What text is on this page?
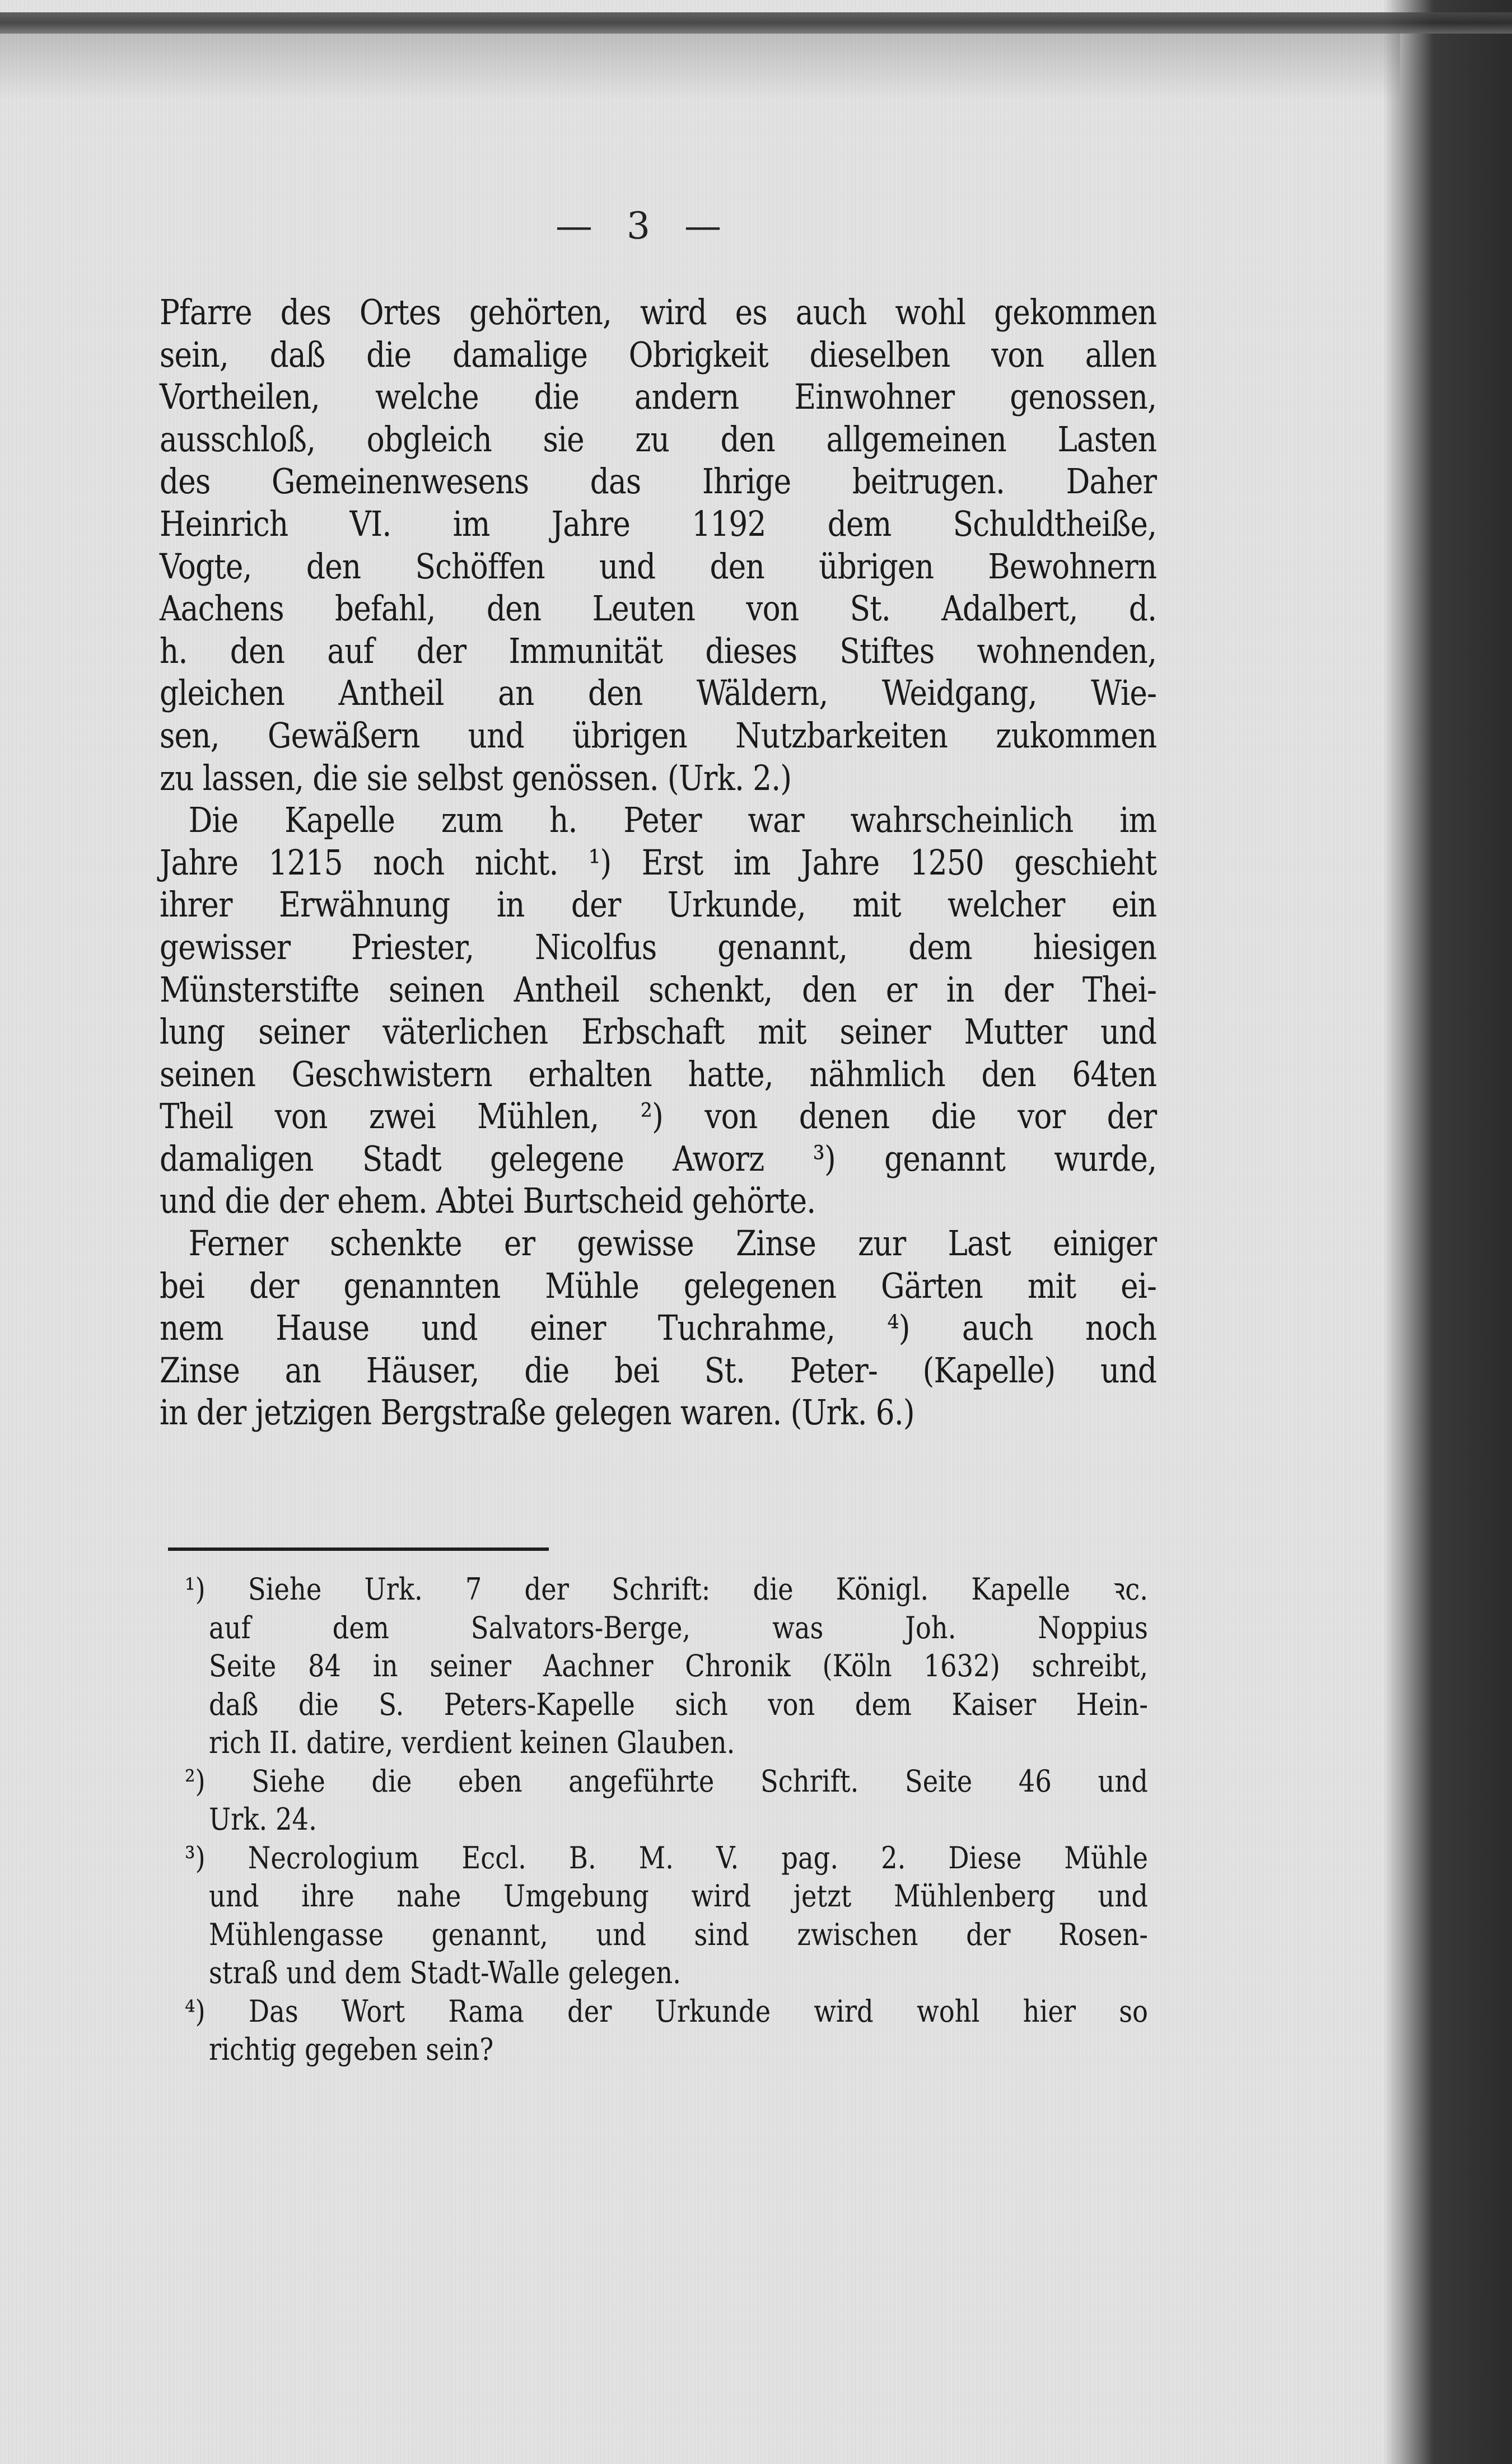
— 3 —
Pfarre des Ortes gehörten, wird es auch wohl gekommen
sein, daß die damalige Obrigkeit dieselben von allen
Vortheilen, welche die andern Einwohner genossen,
ausschloß, obgleich sie zu den allgemeinen Lasten
des Gemeinenwesens das Ihrige beitrugen. Daher
Heinrich VI. im Jahre 1192 dem Schuldtheiße,
Vogte, den Schöffen und den übrigen Bewohnern
Aachens befahl, den Leuten von St. Adalbert, d.
h. den auf der Immunität dieses Stiftes wohnenden,
gleichen Antheil an den Wäldern, Weidgang, Wie-
sen, Gewäßern und übrigen Nutzbarkeiten zukommen
zu lassen, die sie selbst genössen. (Urk. 2.)
Die Kapelle zum h. Peter war wahrscheinlich im
Jahre 1215 noch nicht. ¹) Erst im Jahre 1250 geschieht
ihrer Erwähnung in der Urkunde, mit welcher ein
gewisser Priester, Nicolfus genannt, dem hiesigen
Münsterstifte seinen Antheil schenkt, den er in der Thei-
lung seiner väterlichen Erbschaft mit seiner Mutter und
seinen Geschwistern erhalten hatte, nähmlich den 64ten
Theil von zwei Mühlen, ²) von denen die vor der
damaligen Stadt gelegene Aworz ³) genannt wurde,
und die der ehem. Abtei Burtscheid gehörte.
Ferner schenkte er gewisse Zinse zur Last einiger
bei der genannten Mühle gelegenen Gärten mit ei-
nem Hause und einer Tuchrahme, ⁴) auch noch
Zinse an Häuser, die bei St. Peter- (Kapelle) und
in der jetzigen Bergstraße gelegen waren. (Urk. 6.)
¹) Siehe Urk. 7 der Schrift: die Königl. Kapelle ꝛc.
auf dem Salvators-Berge, was Joh. Noppius
Seite 84 in seiner Aachner Chronik (Köln 1632) schreibt,
daß die S. Peters-Kapelle sich von dem Kaiser Hein-
rich II. datire, verdient keinen Glauben.
²) Siehe die eben angeführte Schrift. Seite 46 und
Urk. 24.
³) Necrologium Eccl. B. M. V. pag. 2. Diese Mühle
und ihre nahe Umgebung wird jetzt Mühlenberg und
Mühlengasse genannt, und sind zwischen der Rosen-
straß und dem Stadt-Walle gelegen.
⁴) Das Wort Rama der Urkunde wird wohl hier so
richtig gegeben sein?
